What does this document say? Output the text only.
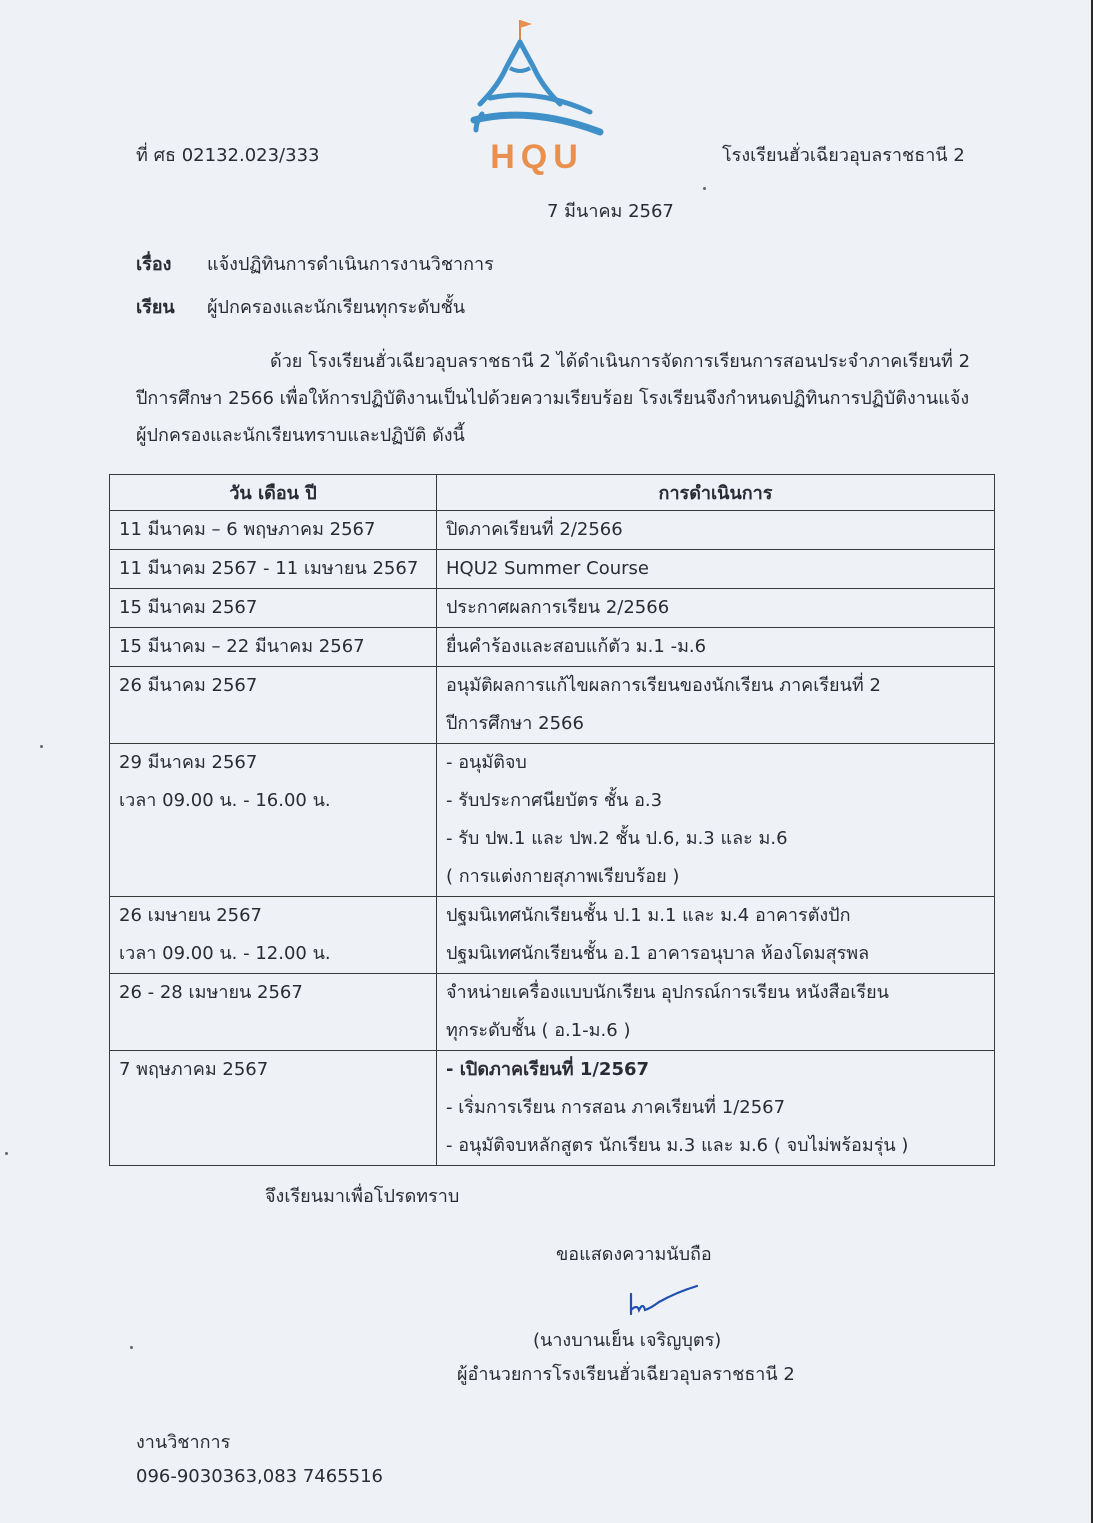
HQU
ที่ ศธ 02132.023/333	โรงเรียนฮั่วเฉียวอุบลราชธานี 2
7 มีนาคม 2567
เรื่อง แจ้งปฏิทินการดำเนินการงานวิชาการ
เรียน ผู้ปกครองและนักเรียนทุกระดับชั้น
ด้วย โรงเรียนฮั่วเฉียวอุบลราชธานี 2 ได้ดำเนินการจัดการเรียนการสอนประจำภาคเรียนที่ 2
ปีการศึกษา 2566 เพื่อให้การปฏิบัติงานเป็นไปด้วยความเรียบร้อย โรงเรียนจึงกำหนดปฏิทินการปฏิบัติงานแจ้ง
ผู้ปกครองและนักเรียนทราบและปฏิบัติ ดังนี้
วัน เดือน ปี	การดำเนินการ

11 มีนาคม – 6 พฤษภาคม 2567	ปิดภาคเรียนที่ 2/2566

11 มีนาคม 2567 - 11 เมษายน 2567	HQU2 Summer Course

15 มีนาคม 2567	ประกาศผลการเรียน 2/2566

15 มีนาคม – 22 มีนาคม 2567	ยื่นคำร้องและสอบแก้ตัว ม.1 -ม.6

26 มีนาคม 2567	อนุมัติผลการแก้ไขผลการเรียนของนักเรียน ภาคเรียนที่ 2
ปีการศึกษา 2566

29 มีนาคม 2567
เวลา 09.00 น. - 16.00 น.	- อนุมัติจบ
- รับประกาศนียบัตร ชั้น อ.3
- รับ ปพ.1 และ ปพ.2 ชั้น ป.6, ม.3 และ ม.6
( การแต่งกายสุภาพเรียบร้อย )

26 เมษายน 2567
เวลา 09.00 น. - 12.00 น.	ปฐมนิเทศนักเรียนชั้น ป.1 ม.1 และ ม.4 อาคารตังปัก
ปฐมนิเทศนักเรียนชั้น อ.1 อาคารอนุบาล ห้องโดมสุรพล

26 - 28 เมษายน 2567	จำหน่ายเครื่องแบบนักเรียน อุปกรณ์การเรียน หนังสือเรียน
ทุกระดับชั้น ( อ.1-ม.6 )

7 พฤษภาคม 2567	- เปิดภาคเรียนที่ 1/2567
- เริ่มการเรียน การสอน ภาคเรียนที่ 1/2567
- อนุมัติจบหลักสูตร นักเรียน ม.3 และ ม.6 ( จบไม่พร้อมรุ่น )
จึงเรียนมาเพื่อโปรดทราบ
ขอแสดงความนับถือ
(นางบานเย็น เจริญบุตร)
ผู้อำนวยการโรงเรียนฮั่วเฉียวอุบลราชธานี 2
งานวิชาการ
096-9030363,083 7465516
